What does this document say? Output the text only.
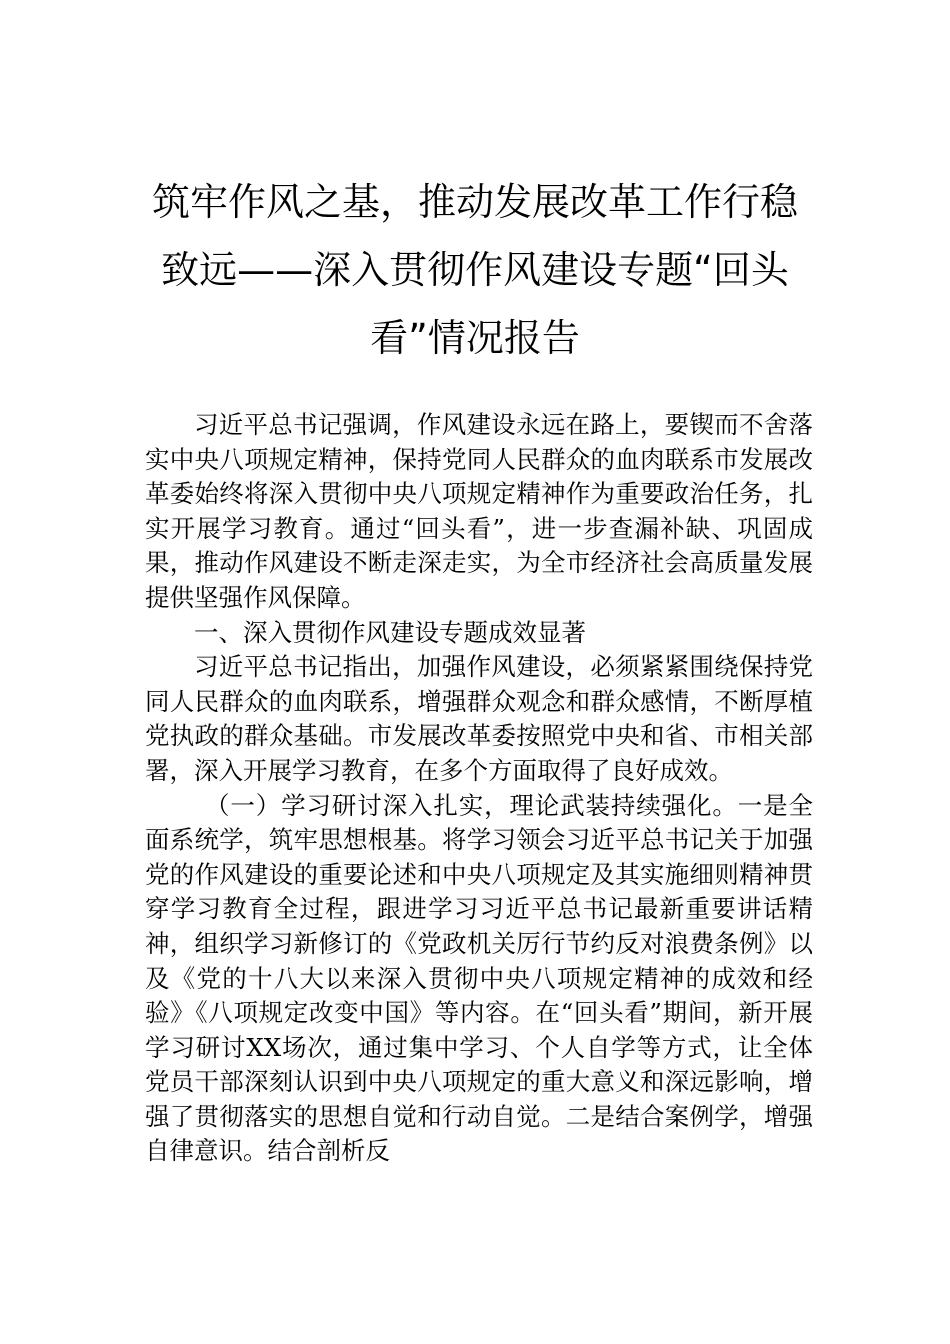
筑牢作风之基，推动发展改革工作行稳致远——深入贯彻作风建设专题“回头看”情况报告

习近平总书记强调，作风建设永远在路上，要锲而不舍落实中央八项规定精神，保持党同人民群众的血肉联系市发展改革委始终将深入贯彻中央八项规定精神作为重要政治任务，扎实开展学习教育。通过“回头看”，进一步查漏补缺、巩固成果，推动作风建设不断走深走实，为全市经济社会高质量发展提供坚强作风保障。

一、深入贯彻作风建设专题成效显著

习近平总书记指出，加强作风建设，必须紧紧围绕保持党同人民群众的血肉联系，增强群众观念和群众感情，不断厚植党执政的群众基础。市发展改革委按照党中央和省、市相关部署，深入开展学习教育，在多个方面取得了良好成效。

（一）学习研讨深入扎实，理论武装持续强化。一是全面系统学，筑牢思想根基。将学习领会习近平总书记关于加强党的作风建设的重要论述和中央八项规定及其实施细则精神贯穿学习教育全过程，跟进学习习近平总书记最新重要讲话精神，组织学习新修订的《党政机关厉行节约反对浪费条例》以及《党的十八大以来深入贯彻中央八项规定精神的成效和经验》《八项规定改变中国》等内容。在“回头看”期间，新开展学习研讨XX场次，通过集中学习、个人自学等方式，让全体党员干部深刻认识到中央八项规定的重大意义和深远影响，增强了贯彻落实的思想自觉和行动自觉。二是结合案例学，增强自律意识。结合剖析反
